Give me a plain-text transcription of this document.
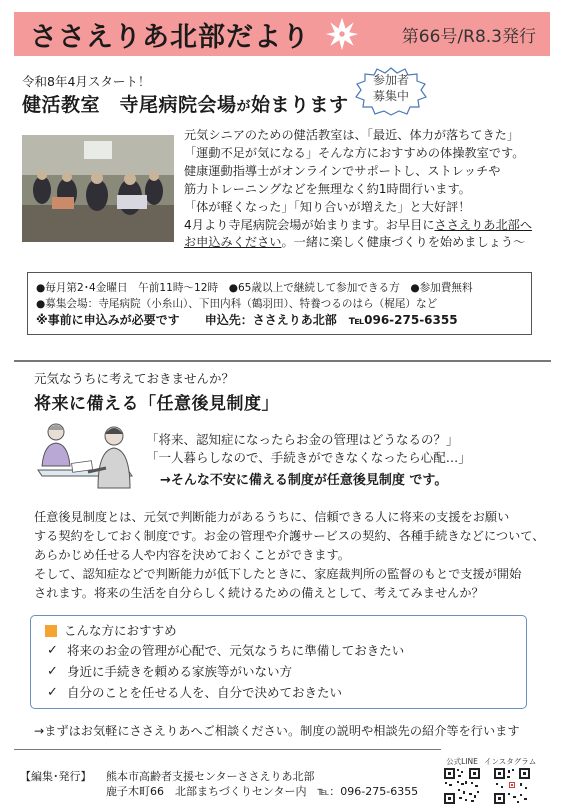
ささえりあ北部だより	第66号/R8.3発行
令和8年4月スタート！
健活教室　寺尾病院会場が始まります
参加者
募集中
元気シニアのための健活教室は、「最近、体力が落ちてきた」
「運動不足が気になる」そんな方におすすめの体操教室です。
健康運動指導士がオンラインでサポートし、ストレッチや
筋力トレーニングなどを無理なく約1時間行います。
「体が軽くなった」「知り合いが増えた」と大好評！
4月より寺尾病院会場が始まります。お早目にささえりあ北部へ
お申込みください。一緒に楽しく健康づくりを始めましょう～
●毎月第2･4金曜日　午前11時～12時　●65歳以上で継続して参加できる方　●参加費無料
●募集会場：寺尾病院（小糸山）、下田内科（鶴羽田）、特養つるのはら（梶尾）など
※事前に申込みが必要です 申込先：ささえりあ北部　℡096-275-6355
元気なうちに考えておきませんか？
将来に備える「任意後見制度」
「将来、認知症になったらお金の管理はどうなるの？」
「一人暮らしなので、手続きができなくなったら心配…」
→そんな不安に備える制度が任意後見制度 です。
任意後見制度とは、元気で判断能力があるうちに、信頼できる人に将来の支援をお願い
する契約をしておく制度です。お金の管理や介護サービスの契約、各種手続きなどについて、
あらかじめ任せる人や内容を決めておくことができます。
そして、認知症などで判断能力が低下したときに、家庭裁判所の監督のもとで支援が開始
されます。将来の生活を自分らしく続けるための備えとして、考えてみませんか？
こんな方におすすめ
✓ 将来のお金の管理が心配で、元気なうちに準備しておきたい
✓ 身近に手続きを頼める家族等がいない方
✓ 自分のことを任せる人を、自分で決めておきたい
→まずはお気軽にささえりあへご相談ください。制度の説明や相談先の紹介等を行います
【編集･発行】 熊本市高齢者支援センターささえりあ北部
鹿子木町66　北部まちづくりセンター内　℡：096-275-6355
公式LINE インスタグラム
